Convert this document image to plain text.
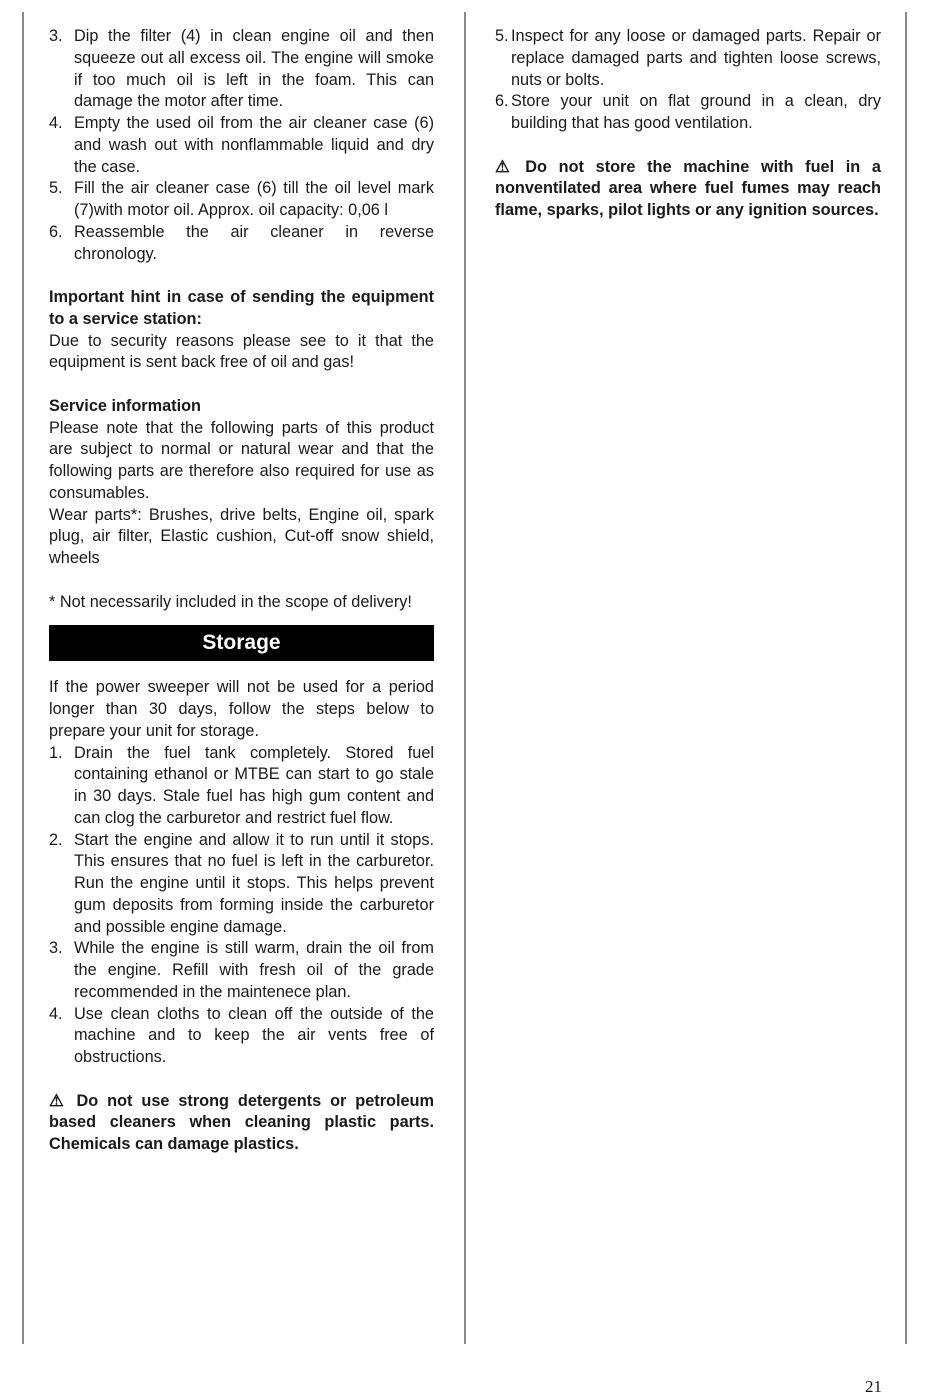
3. Dip the filter (4) in clean engine oil and then squeeze out all excess oil. The engine will smoke if too much oil is left in the foam. This can damage the motor after time.
4. Empty the used oil from the air cleaner case (6) and wash out with nonflammable liquid and dry the case.
5. Fill the air cleaner case (6) till the oil level mark (7)with motor oil. Approx. oil capacity: 0,06 l
6. Reassemble the air cleaner in reverse chronology.

Important hint in case of sending the equipment to a service station:

Due to security reasons please see to it that the equipment is sent back free of oil and gas!

Service information

Please note that the following parts of this product are subject to normal or natural wear and that the following parts are therefore also required for use as consumables.

Wear parts*: Brushes, drive belts, Engine oil, spark plug, air filter, Elastic cushion, Cut-off snow shield, wheels

* Not necessarily included in the scope of delivery!

Storage

If the power sweeper will not be used for a period longer than 30 days, follow the steps below to prepare your unit for storage.

1. Drain the fuel tank completely. Stored fuel containing ethanol or MTBE can start to go stale in 30 days. Stale fuel has high gum content and can clog the carburetor and restrict fuel flow.
2. Start the engine and allow it to run until it stops. This ensures that no fuel is left in the carburetor. Run the engine until it stops. This helps prevent gum deposits from forming inside the carburetor and possible engine damage.
3. While the engine is still warm, drain the oil from the engine. Refill with fresh oil of the grade recommended in the maintenece plan.
4. Use clean cloths to clean off the outside of the machine and to keep the air vents free of obstructions.

⚠ Do not use strong detergents or petroleum based cleaners when cleaning plastic parts. Chemicals can damage plastics.

5. Inspect for any loose or damaged parts. Repair or replace damaged parts and tighten loose screws, nuts or bolts.
6. Store your unit on flat ground in a clean, dry building that has good ventilation.

⚠ Do not store the machine with fuel in a nonventilated area where fuel fumes may reach flame, sparks, pilot lights or any ignition sources.

21
